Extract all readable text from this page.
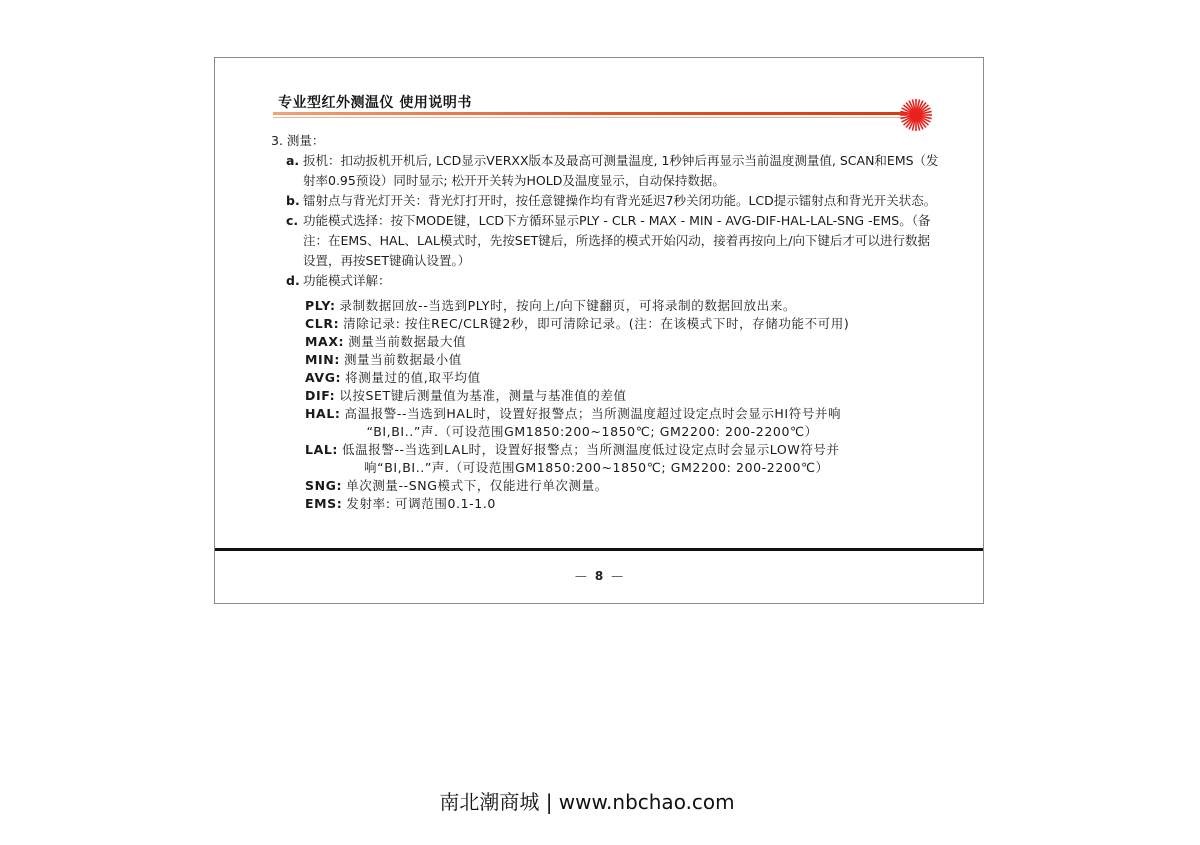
专业型红外测温仪 使用说明书
3. 测量：
a. 扳机：扣动扳机开机后, LCD显示VERXX版本及最高可测量温度, 1秒钟后再显示当前温度测量值, SCAN和EMS（发射率0.95预设）同时显示; 松开开关转为HOLD及温度显示，自动保持数据。
b. 镭射点与背光灯开关：背光灯打开时，按任意键操作均有背光延迟7秒关闭功能。LCD提示镭射点和背光开关状态。
c. 功能模式选择：按下MODE键，LCD下方循环显示PLY - CLR - MAX - MIN - AVG-DIF-HAL-LAL-SNG -EMS。（备注：在EMS、HAL、LAL模式时，先按SET键后，所选择的模式开始闪动，接着再按向上/向下键后才可以进行数据设置，再按SET键确认设置。）
d. 功能模式详解：
PLY: 录制数据回放--当选到PLY时，按向上/向下键翻页，可将录制的数据回放出来。
CLR: 清除记录: 按住REC/CLR键2秒，即可清除记录。(注：在该模式下时，存储功能不可用)
MAX: 测量当前数据最大值
MIN: 测量当前数据最小值
AVG: 将测量过的值,取平均值
DIF: 以按SET键后测量值为基准，测量与基准值的差值
HAL: 高温报警--当选到HAL时，设置好报警点；当所测温度超过设定点时会显示HI符号并响
“BI,BI..”声.（可设范围GM1850:200~1850℃; GM2200: 200-2200℃）
LAL: 低温报警--当选到LAL时，设置好报警点；当所测温度低过设定点时会显示LOW符号并
响“BI,BI..”声.（可设范围GM1850:200~1850℃; GM2200: 200-2200℃）
SNG: 单次测量--SNG模式下，仅能进行单次测量。
EMS: 发射率: 可调范围0.1-1.0
— 8 —
南北潮商城 | www.nbchao.com
